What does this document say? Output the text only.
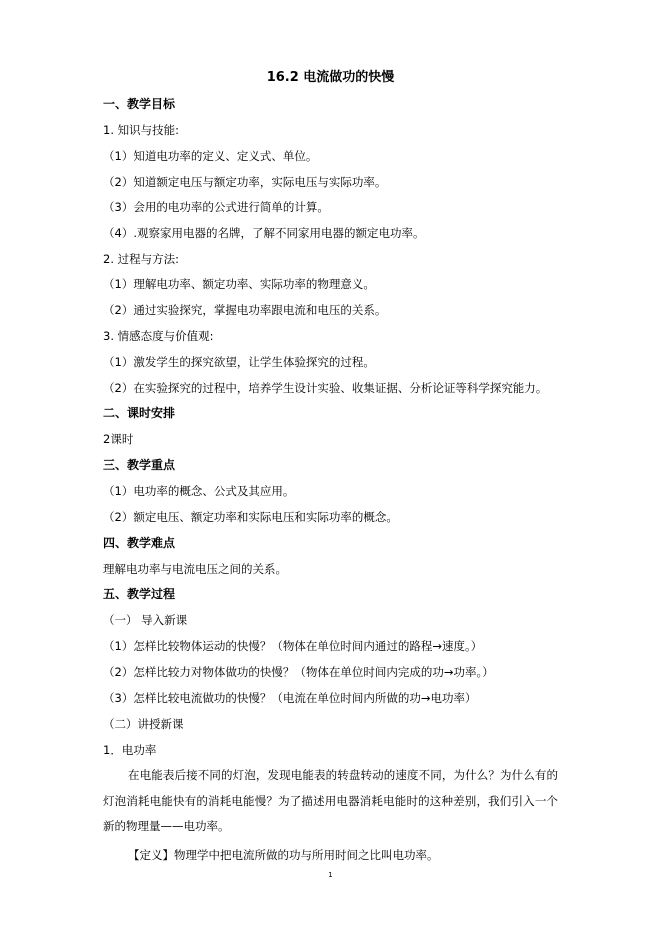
16.2 电流做功的快慢
一、教学目标
1. 知识与技能:
（1）知道电功率的定义、定义式、单位。
（2）知道额定电压与额定功率，实际电压与实际功率。
（3）会用的电功率的公式进行简单的计算。
（4）.观察家用电器的名牌，了解不同家用电器的额定电功率。
2. 过程与方法:
（1）理解电功率、额定功率、实际功率的物理意义。
（2）通过实验探究，掌握电功率跟电流和电压的关系。
3. 情感态度与价值观:
（1）激发学生的探究欲望，让学生体验探究的过程。
（2）在实验探究的过程中，培养学生设计实验、收集证据、分析论证等科学探究能力。
二、课时安排
2课时
三、教学重点
（1）电功率的概念、公式及其应用。
（2）额定电压、额定功率和实际电压和实际功率的概念。
四、教学难点
理解电功率与电流电压之间的关系。
五、教学过程
（一） 导入新课
（1）怎样比较物体运动的快慢？（物体在单位时间内通过的路程→速度。）
（2）怎样比较力对物体做功的快慢？（物体在单位时间内完成的功→功率。）
（3）怎样比较电流做功的快慢？（电流在单位时间内所做的功→电功率）
（二）讲授新课
1．电功率
在电能表后接不同的灯泡，发现电能表的转盘转动的速度不同，为什么？为什么有的灯泡消耗电能快有的消耗电能慢？为了描述用电器消耗电能时的这种差别，我们引入一个新的物理量——电功率。
【定义】物理学中把电流所做的功与所用时间之比叫电功率。
1
